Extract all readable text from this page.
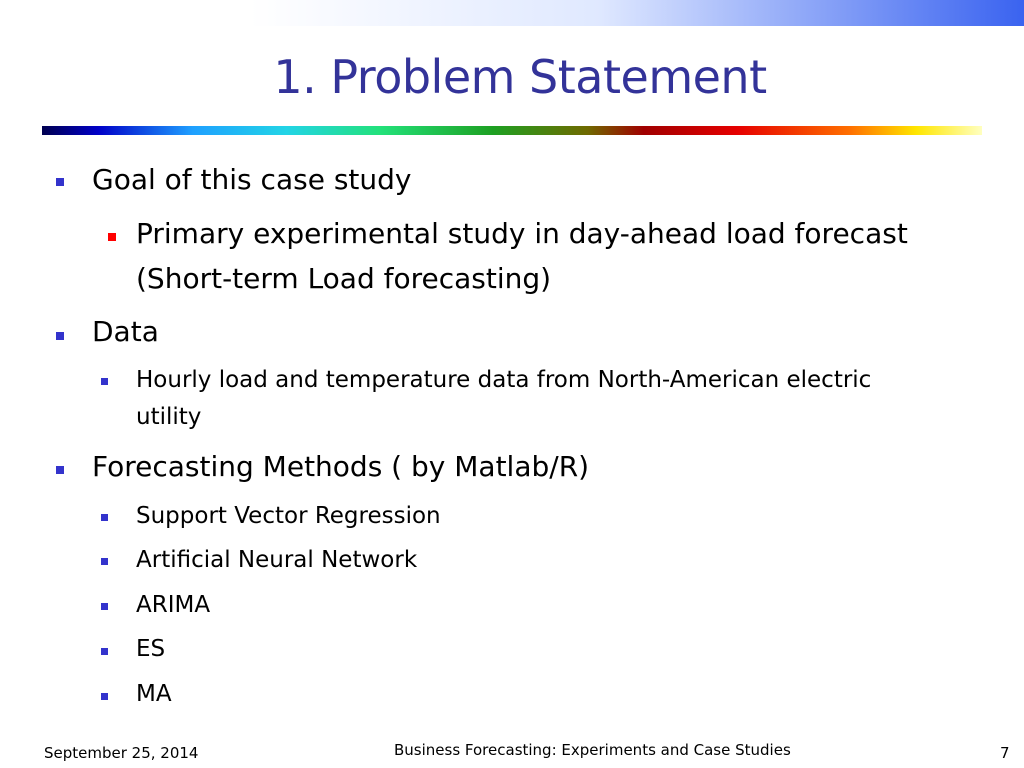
1. Problem Statement
Goal of this case study
Primary experimental study in day-ahead load forecast
(Short-term Load forecasting)
Data
Hourly load and temperature data from North-American electric
utility
Forecasting Methods ( by Matlab/R)
Support Vector Regression
Artificial Neural Network
ARIMA
ES
MA
September 25, 2014	Business Forecasting: Experiments and Case Studies	7
